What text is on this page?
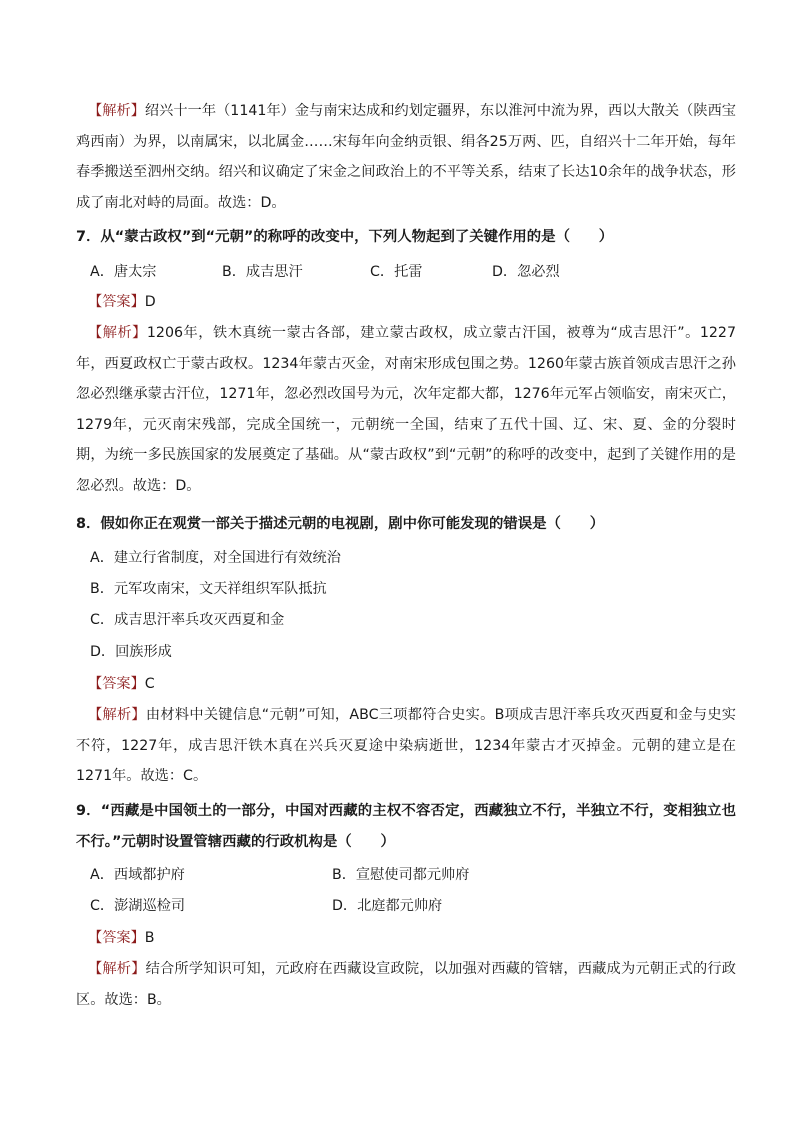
【解析】绍兴十一年（1141年）金与南宋达成和约划定疆界，东以淮河中流为界，西以大散关（陕西宝鸡西南）为界，以南属宋，以北属金……宋每年向金纳贡银、绢各25万两、匹，自绍兴十二年开始，每年春季搬送至泗州交纳。绍兴和议确定了宋金之间政治上的不平等关系，结束了长达10余年的战争状态，形成了南北对峙的局面。故选：D。

7．从“蒙古政权”到“元朝”的称呼的改变中，下列人物起到了关键作用的是（　　）

A．唐太宗	B．成吉思汗	C．托雷	D．忽必烈

【答案】D

【解析】1206年，铁木真统一蒙古各部，建立蒙古政权，成立蒙古汗国，被尊为“成吉思汗”。1227年，西夏政权亡于蒙古政权。1234年蒙古灭金，对南宋形成包围之势。1260年蒙古族首领成吉思汗之孙忽必烈继承蒙古汗位，1271年，忽必烈改国号为元，次年定都大都，1276年元军占领临安，南宋灭亡，1279年，元灭南宋残部，完成全国统一，元朝统一全国，结束了五代十国、辽、宋、夏、金的分裂时期，为统一多民族国家的发展奠定了基础。从“蒙古政权”到“元朝”的称呼的改变中，起到了关键作用的是忽必烈。故选：D。

8．假如你正在观赏一部关于描述元朝的电视剧，剧中你可能发现的错误是（　　）

A．建立行省制度，对全国进行有效统治

B．元军攻南宋，文天祥组织军队抵抗

C．成吉思汗率兵攻灭西夏和金

D．回族形成

【答案】C

【解析】由材料中关键信息“元朝”可知，ABC三项都符合史实。B项成吉思汗率兵攻灭西夏和金与史实不符，1227年，成吉思汗铁木真在兴兵灭夏途中染病逝世，1234年蒙古才灭掉金。元朝的建立是在1271年。故选：C。

9．“西藏是中国领土的一部分，中国对西藏的主权不容否定，西藏独立不行，半独立不行，变相独立也不行。”元朝时设置管辖西藏的行政机构是（　　）

A．西域都护府	B．宣慰使司都元帅府

C．澎湖巡检司	D．北庭都元帅府

【答案】B

【解析】结合所学知识可知，元政府在西藏设宣政院，以加强对西藏的管辖，西藏成为元朝正式的行政区。故选：B。
